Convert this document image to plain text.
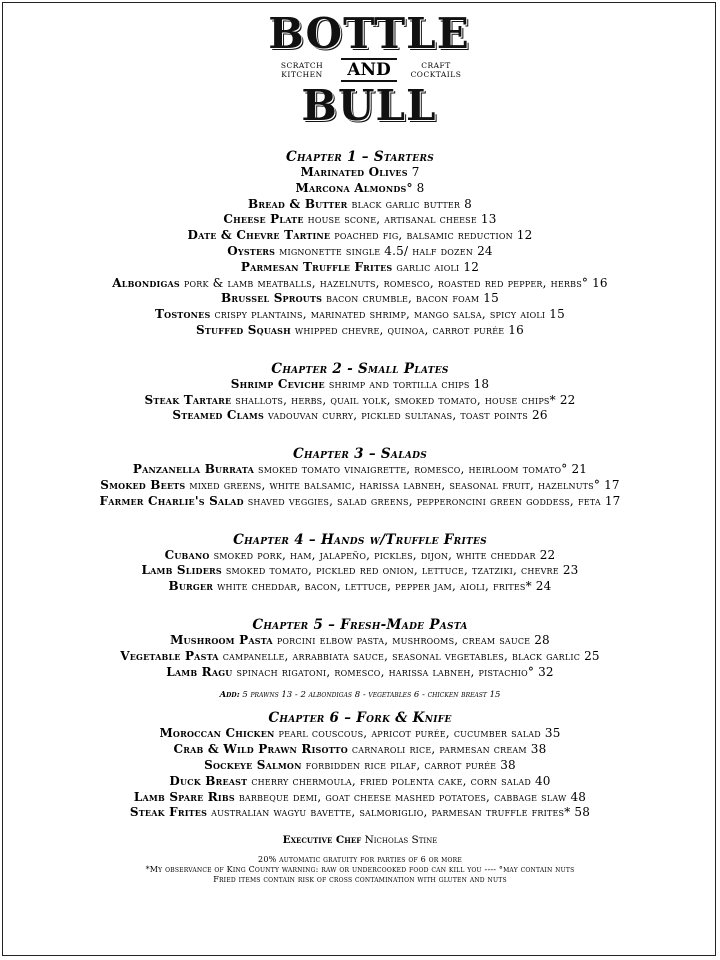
BOTTLE
SCRATCH KITCHEN	AND	CRAFT COCKTAILS
BULL
Chapter 1 – Starters
Marinated Olives 7
Marcona Almonds° 8
Bread & Butter black garlic butter 8
Cheese Plate house scone, artisanal cheese 13
Date & Chevre Tartine poached fig, balsamic reduction 12
Oysters mignonette single 4.5/ half dozen 24
Parmesan Truffle Frites garlic aioli 12
Albondigas pork & lamb meatballs, hazelnuts, romesco, roasted red pepper, herbs° 16
Brussel Sprouts bacon crumble, bacon foam 15
Tostones crispy plantains, marinated shrimp, mango salsa, spicy aioli 15
Stuffed Squash whipped chevre, quinoa, carrot purée 16
Chapter 2 - Small Plates
Shrimp Ceviche shrimp and tortilla chips 18
Steak Tartare shallots, herbs, quail yolk, smoked tomato, house chips* 22
Steamed Clams vadouvan curry, pickled sultanas, toast points 26
Chapter 3 – Salads
Panzanella Burrata smoked tomato vinaigrette, romesco, heirloom tomato° 21
Smoked Beets mixed greens, white balsamic, harissa labneh, seasonal fruit, hazelnuts° 17
Farmer Charlie's Salad shaved veggies, salad greens, pepperoncini green goddess, feta 17
Chapter 4 – Hands w/Truffle Frites
Cubano smoked pork, ham, jalapeño, pickles, dijon, white cheddar 22
Lamb Sliders smoked tomato, pickled red onion, lettuce, tzatziki, chevre 23
Burger white cheddar, bacon, lettuce, pepper jam, aioli, frites* 24
Chapter 5 – Fresh-Made Pasta
Mushroom Pasta porcini elbow pasta, mushrooms, cream sauce 28
Vegetable Pasta campanelle, arrabbiata sauce, seasonal vegetables, black garlic 25
Lamb Ragu spinach rigatoni, romesco, harissa labneh, pistachio° 32
Add: 5 prawns 13 - 2 albondigas 8 - vegetables 6 - chicken breast 15
Chapter 6 – Fork & Knife
Moroccan Chicken pearl couscous, apricot purée, cucumber salad 35
Crab & Wild Prawn Risotto carnaroli rice, parmesan cream 38
Sockeye Salmon forbidden rice pilaf, carrot purée 38
Duck Breast cherry chermoula, fried polenta cake, corn salad 40
Lamb Spare Ribs barbeque demi, goat cheese mashed potatoes, cabbage slaw 48
Steak Frites australian wagyu bavette, salmoriglio, parmesan truffle frites* 58
Executive Chef Nicholas Stine
20% automatic gratuity for parties of 6 or more
*My observance of King County warning: raw or undercooked food can kill you ---- °may contain nuts
Fried items contain risk of cross contamination with gluten and nuts
